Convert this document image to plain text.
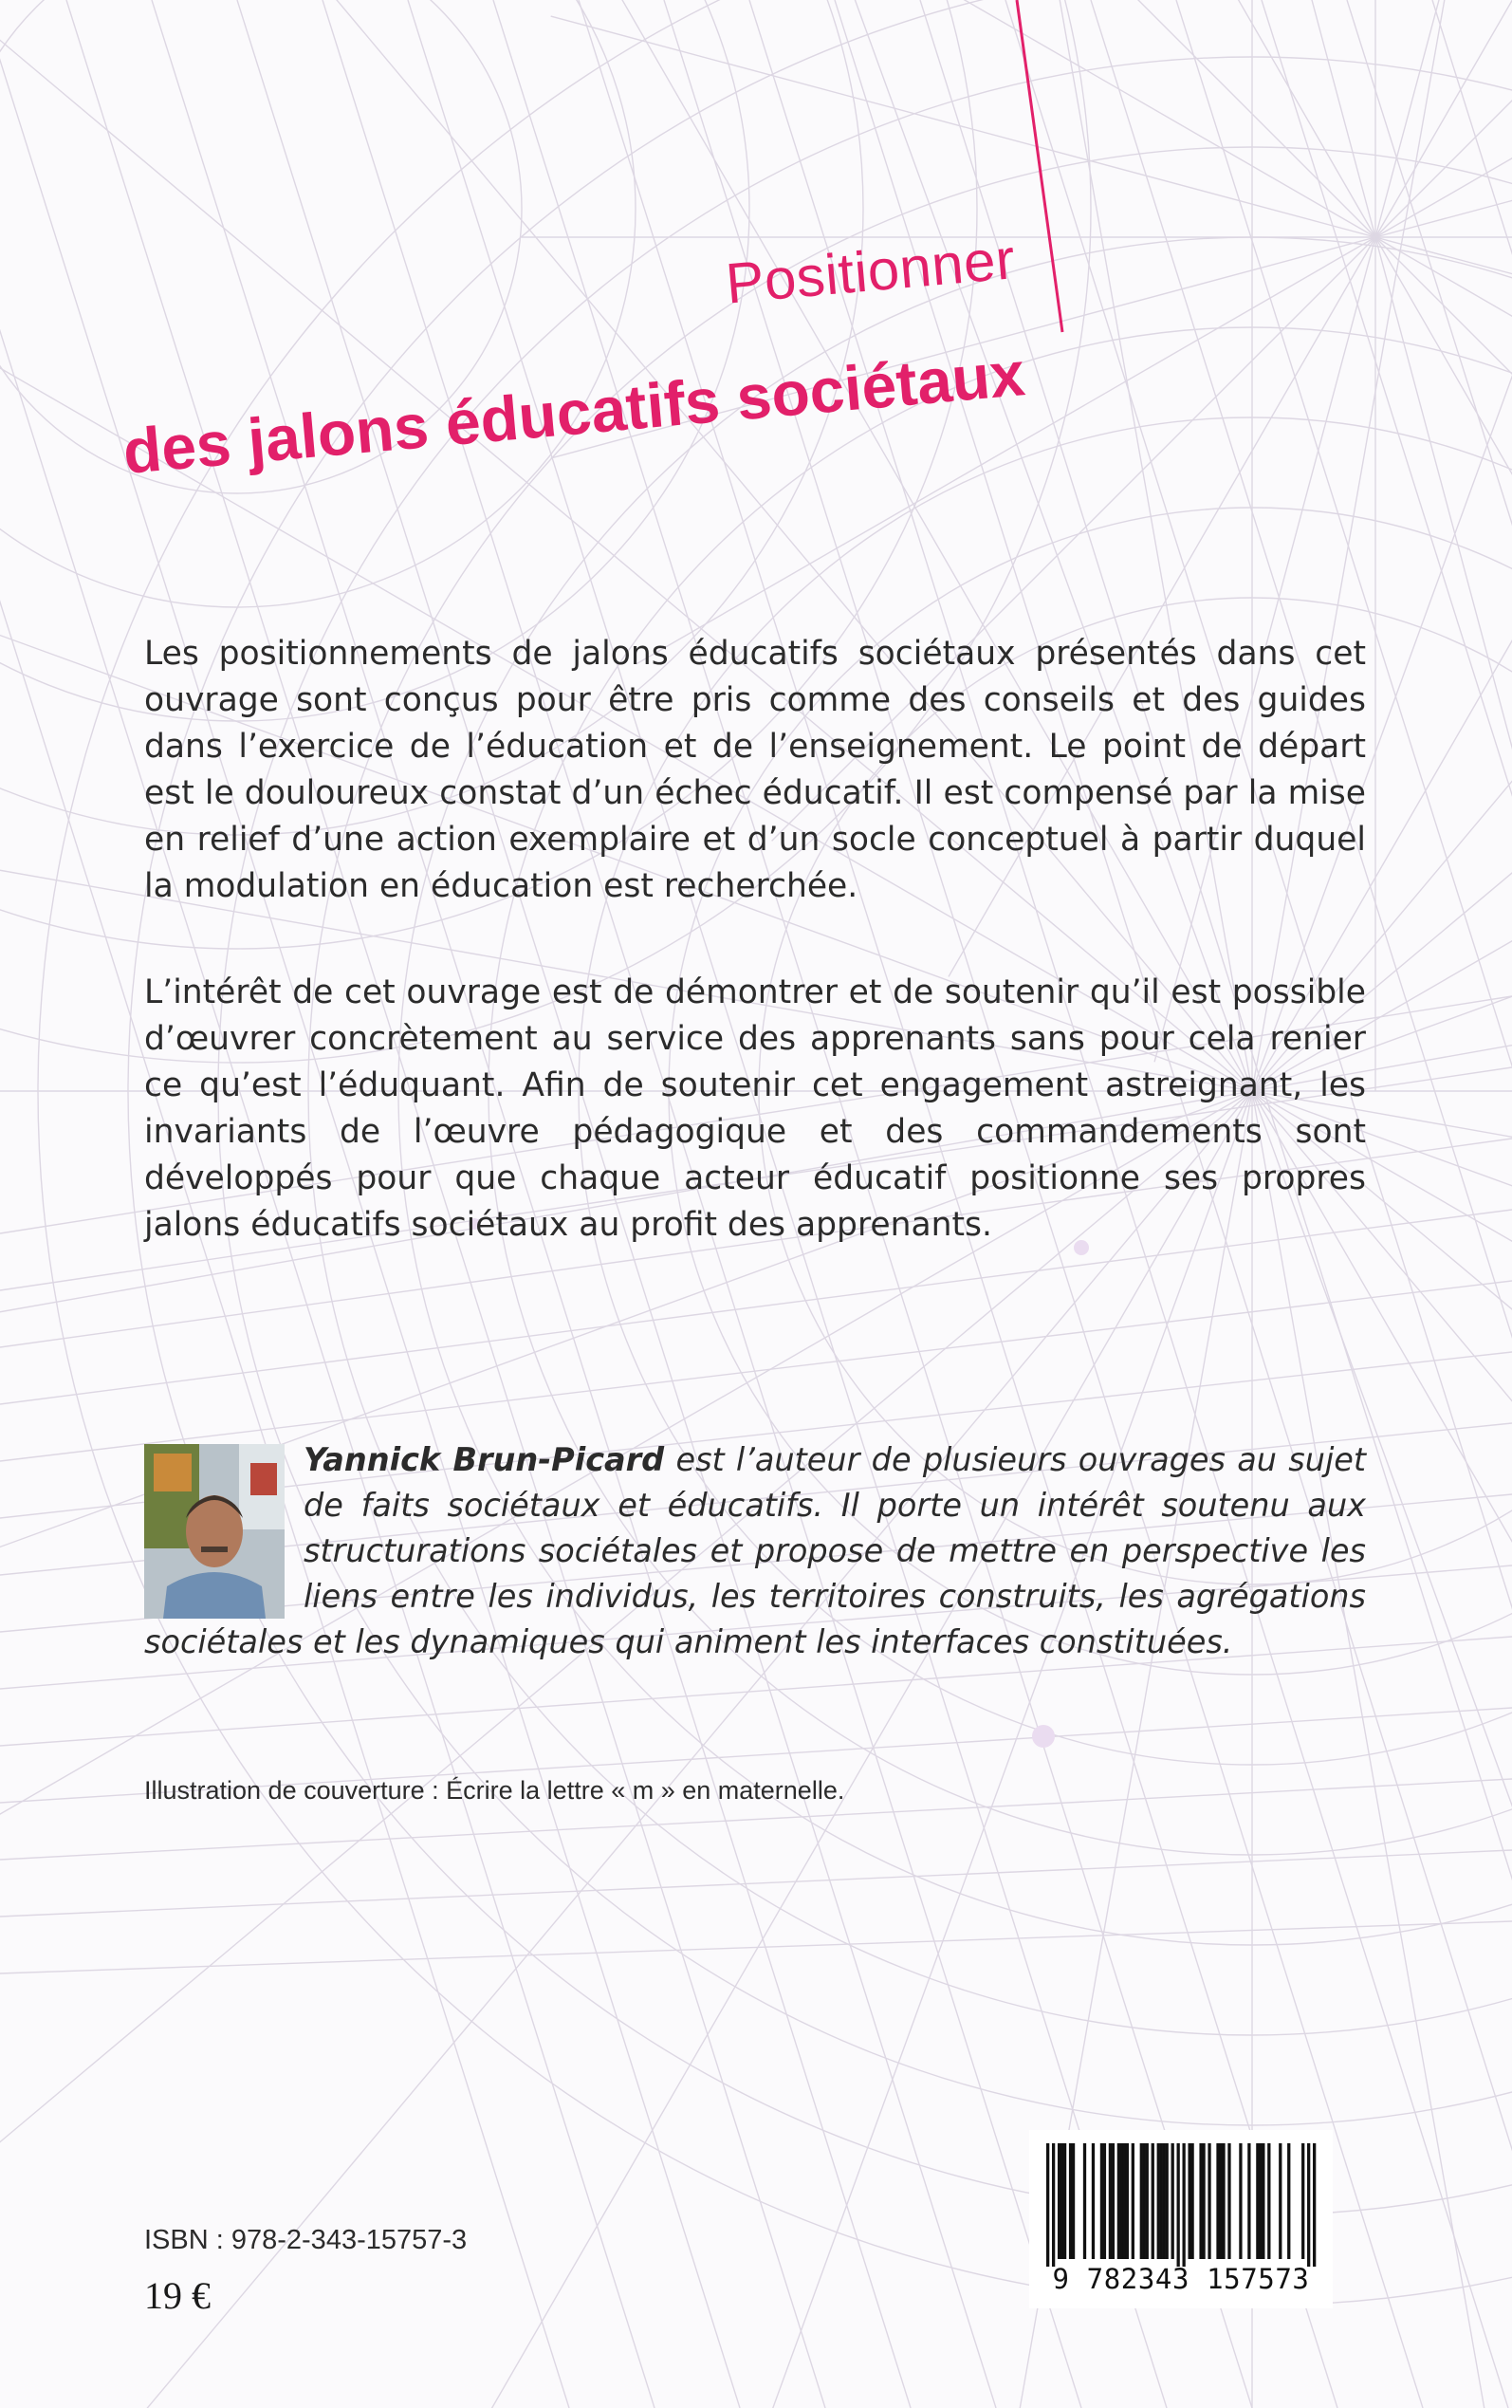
Positionner
des jalons éducatifs sociétaux

Les positionnements de jalons éducatifs sociétaux présentés dans cet ouvrage sont conçus pour être pris comme des conseils et des guides dans l’exercice de l’éducation et de l’enseignement. Le point de départ est le douloureux constat d’un échec éducatif. Il est compensé par la mise en relief d’une action exemplaire et d’un socle conceptuel à partir duquel la modulation en éducation est recherchée.

L’intérêt de cet ouvrage est de démontrer et de soutenir qu’il est possible d’œuvrer concrètement au service des apprenants sans pour cela renier ce qu’est l’éduquant. Afin de soutenir cet engagement astreignant, les invariants de l’œuvre pédagogique et des commandements sont développés pour que chaque acteur éducatif positionne ses propres jalons éducatifs sociétaux au profit des apprenants.

Yannick Brun-Picard est l’auteur de plusieurs ouvrages au sujet de faits sociétaux et éducatifs. Il porte un intérêt soutenu aux structurations sociétales et propose de mettre en perspective les liens entre les individus, les territoires construits, les agrégations sociétales et les dynamiques qui animent les interfaces constituées.
Illustration de couverture : Écrire la lettre « m » en maternelle.
ISBN : 978-2-343-15757-3
19 €	9 782343 157573
